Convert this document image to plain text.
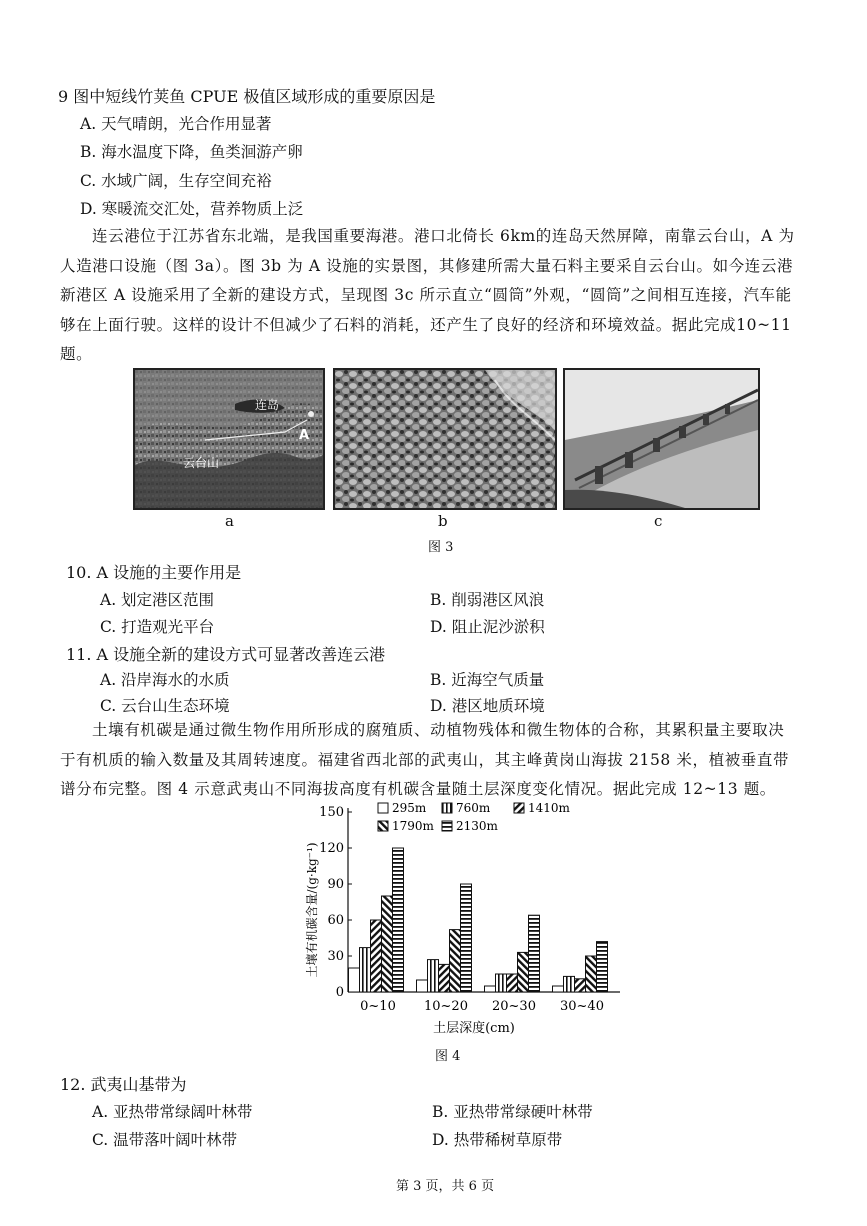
9 图中短线竹荚鱼 CPUE 极值区域形成的重要原因是
A. 天气晴朗，光合作用显著
B. 海水温度下降，鱼类洄游产卵
C. 水域广阔，生存空间充裕
D. 寒暖流交汇处，营养物质上泛
连云港位于江苏省东北端，是我国重要海港。港口北倚长 6km的连岛天然屏障，南靠云台山，A 为人造港口设施（图 3a）。图 3b 为 A 设施的实景图，其修建所需大量石料主要采自云台山。如今连云港新港区 A 设施采用了全新的建设方式，呈现图 3c 所示直立“圆筒”外观，“圆筒”之间相互连接，汽车能够在上面行驶。这样的设计不但减少了石料的消耗，还产生了良好的经济和环境效益。据此完成10~11 题。
连岛
云台山
A
a	b	c
图 3
10. A 设施的主要作用是
A. 划定港区范围	B. 削弱港区风浪
C. 打造观光平台	D. 阻止泥沙淤积
11. A 设施全新的建设方式可显著改善连云港
A. 沿岸海水的水质	B. 近海空气质量
C. 云台山生态环境	D. 港区地质环境
土壤有机碳是通过微生物作用所形成的腐殖质、动植物残体和微生物体的合称，其累积量主要取决于有机质的输入数量及其周转速度。福建省西北部的武夷山，其主峰黄岗山海拔 2158 米，植被垂直带谱分布完整。图 4 示意武夷山不同海拔高度有机碳含量随土层深度变化情况。据此完成 12~13 题。
0
30
60
90
120
150
土壤有机碳含量/(g·kg⁻¹)
0~10 10~20 20~30 30~40
土层深度(cm)
295m 760m	1410m
1790m 2130m
图 4
12. 武夷山基带为
A. 亚热带常绿阔叶林带	B. 亚热带常绿硬叶林带
C. 温带落叶阔叶林带	D. 热带稀树草原带
第 3 页，共 6 页
